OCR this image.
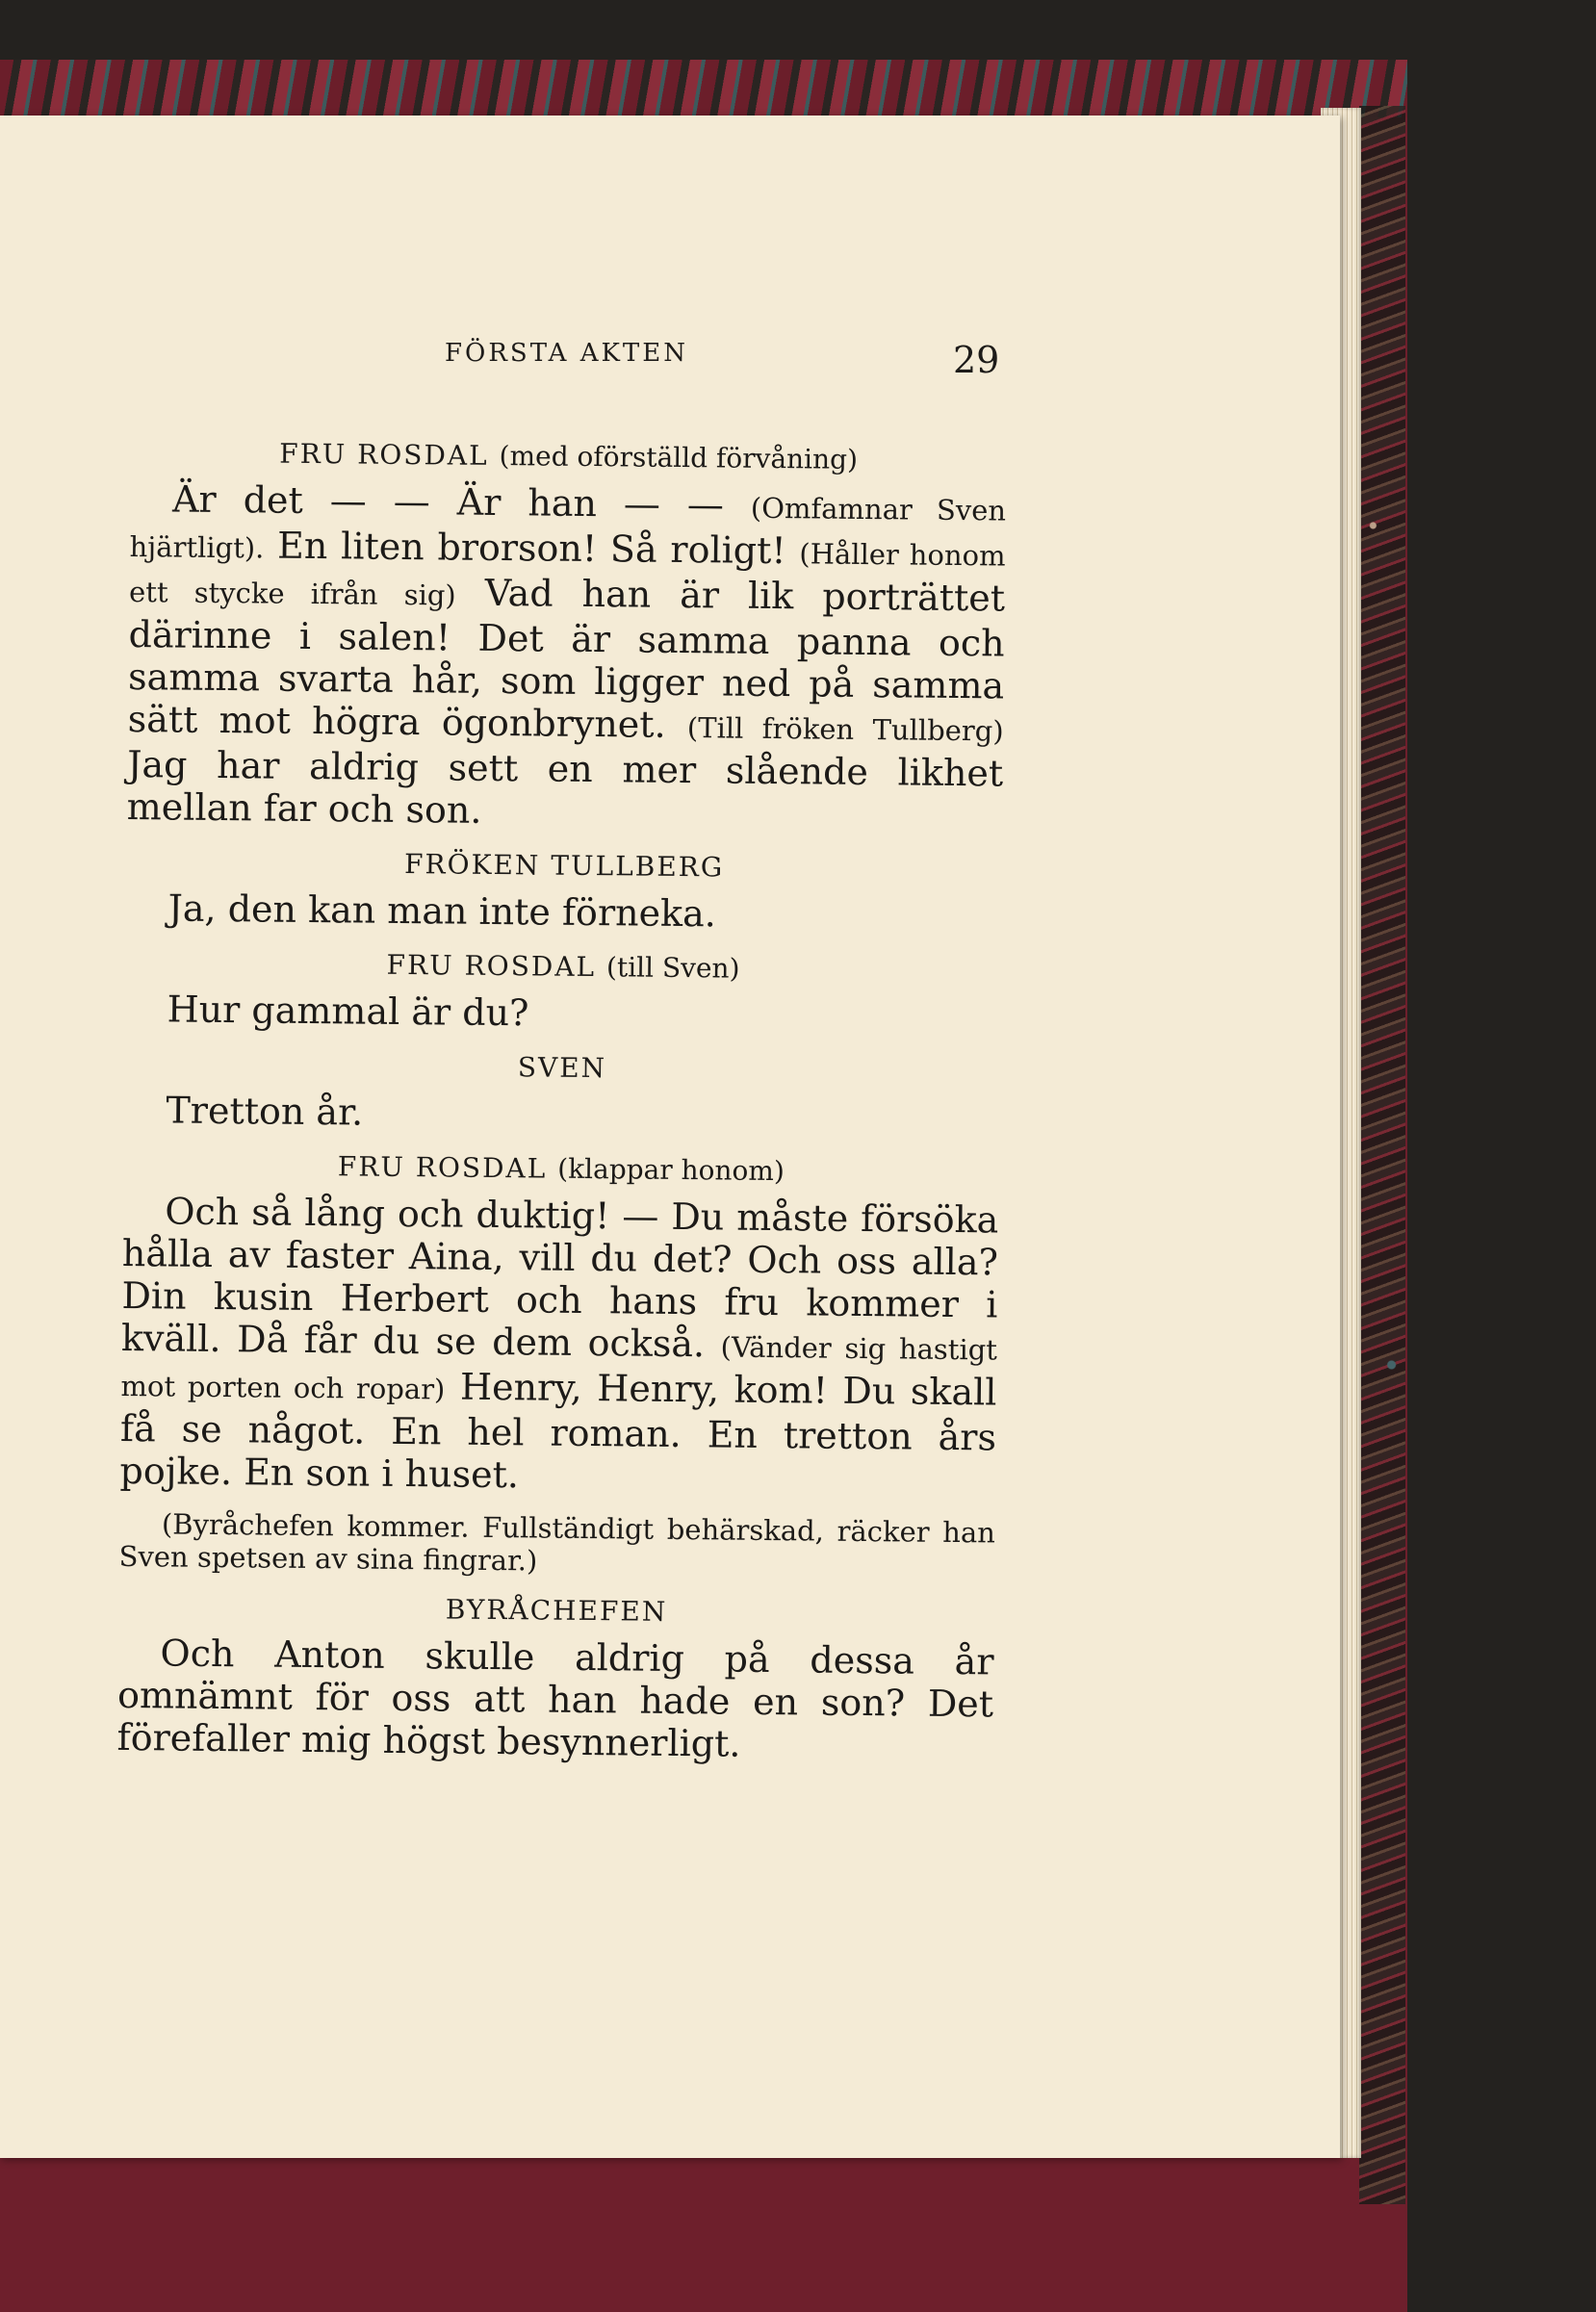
FÖRSTA AKTEN	29
FRU ROSDAL (med oförställd förvåning)

Är det — — Är han — — (Omfamnar Sven hjärtligt). En liten brorson! Så roligt! (Håller honom ett stycke ifrån sig) Vad han är lik porträttet därinne i salen! Det är samma panna och samma svarta hår, som ligger ned på samma sätt mot högra ögonbrynet. (Till fröken Tullberg) Jag har aldrig sett en mer slående likhet mellan far och son.

FRÖKEN TULLBERG

Ja, den kan man inte förneka.

FRU ROSDAL (till Sven)

Hur gammal är du?

SVEN

Tretton år.

FRU ROSDAL (klappar honom)

Och så lång och duktig! — Du måste försöka hålla av faster Aina, vill du det? Och oss alla? Din kusin Herbert och hans fru kommer i kväll. Då får du se dem också. (Vänder sig hastigt mot porten och ropar) Henry, Henry, kom! Du skall få se något. En hel roman. En tretton års pojke. En son i huset.

(Byråchefen kommer. Fullständigt behärskad, räcker han Sven spetsen av sina fingrar.)

BYRÅCHEFEN

Och Anton skulle aldrig på dessa år omnämnt för oss att han hade en son? Det förefaller mig högst besynnerligt.
